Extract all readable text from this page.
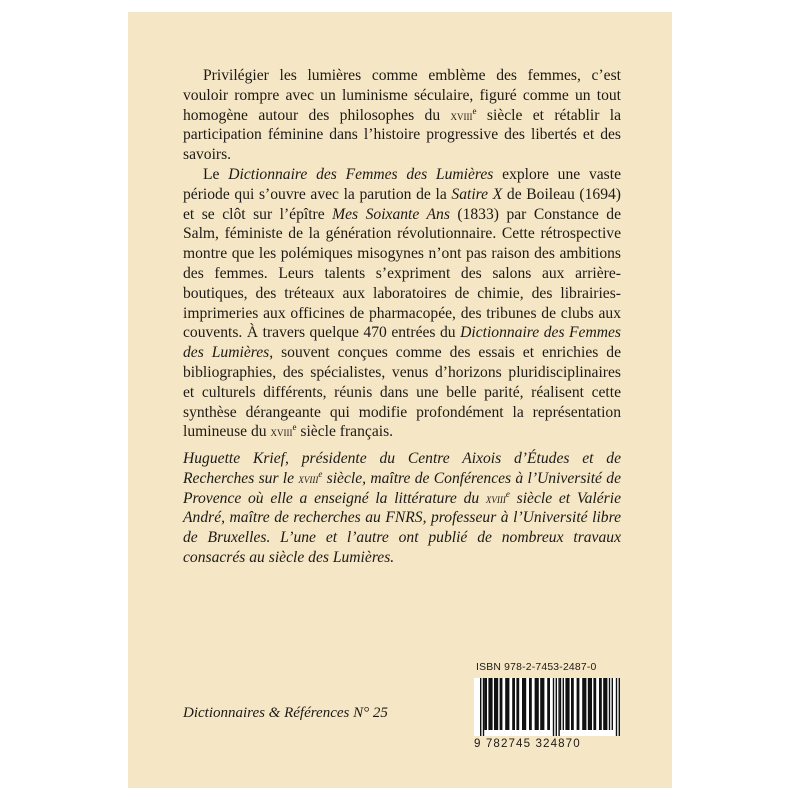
Privilégier les lumières comme emblème des femmes, c’est vouloir rompre avec un luminisme séculaire, figuré comme un tout homogène autour des philosophes du xviii$^e$ siècle et rétablir la participation féminine dans l’histoire progressive des libertés et des savoirs.

Le Dictionnaire des Femmes des Lumières explore une vaste période qui s’ouvre avec la parution de la Satire X de Boileau (1694) et se clôt sur l’épître Mes Soixante Ans (1833) par Constance de Salm, féministe de la génération révolutionnaire. Cette rétrospective montre que les polémiques misogynes n’ont pas raison des ambitions des femmes. Leurs talents s’expriment des salons aux arrière-boutiques, des tréteaux aux laboratoires de chimie, des librairies-imprimeries aux officines de pharmacopée, des tribunes de clubs aux couvents. À travers quelque 470 entrées du Dictionnaire des Femmes des Lumières, souvent conçues comme des essais et enrichies de bibliographies, des spécialistes, venus d’horizons pluridisciplinaires et culturels différents, réunis dans une belle parité, réalisent cette synthèse dérangeante qui modifie profondément la représentation lumineuse du xviii$^e$ siècle français.

Huguette Krief, présidente du Centre Aixois d’Études et de Recherches sur le xviii$^e$ siècle, maître de Conférences à l’Université de Provence où elle a enseigné la littérature du xviii$^e$ siècle et Valérie André, maître de recherches au FNRS, professeur à l’Université libre de Bruxelles. L’une et l’autre ont publié de nombreux travaux consacrés au siècle des Lumières.

Dictionnaires & Références N° 25
ISBN 978-2-7453-2487-0
9 782745 324870
